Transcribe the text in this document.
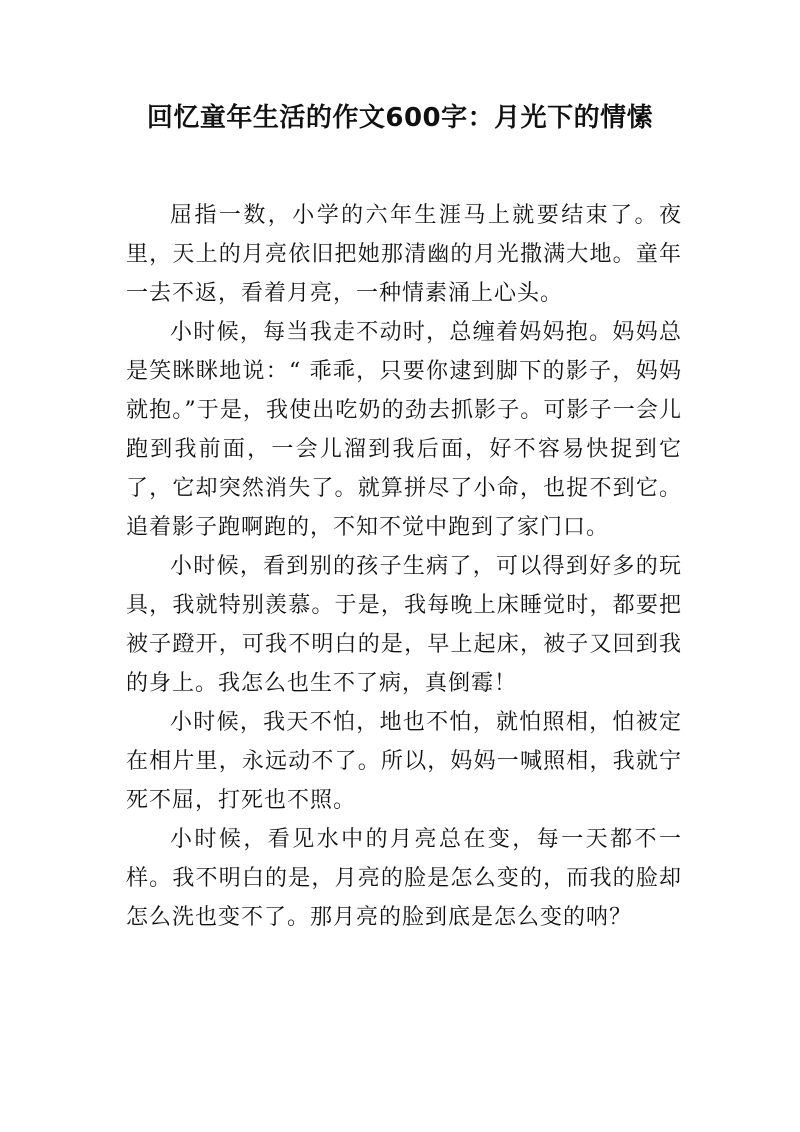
回忆童年生活的作文600字：月光下的情愫

屈指一数，小学的六年生涯马上就要结束了。夜里，天上的月亮依旧把她那清幽的月光撒满大地。童年一去不返，看着月亮，一种情素涌上心头。

小时候，每当我走不动时，总缠着妈妈抱。妈妈总是笑眯眯地说：“ 乖乖，只要你逮到脚下的影子，妈妈就抱。”于是，我使出吃奶的劲去抓影子。可影子一会儿跑到我前面，一会儿溜到我后面，好不容易快捉到它了，它却突然消失了。就算拼尽了小命，也捉不到它。追着影子跑啊跑的，不知不觉中跑到了家门口。

小时候，看到别的孩子生病了，可以得到好多的玩具，我就特别羡慕。于是，我每晚上床睡觉时，都要把被子蹬开，可我不明白的是，早上起床，被子又回到我的身上。我怎么也生不了病，真倒霉！

小时候，我天不怕，地也不怕，就怕照相，怕被定在相片里，永远动不了。所以，妈妈一喊照相，我就宁死不屈，打死也不照。

小时候，看见水中的月亮总在变，每一天都不一样。我不明白的是，月亮的脸是怎么变的，而我的脸却怎么洗也变不了。那月亮的脸到底是怎么变的呐？
